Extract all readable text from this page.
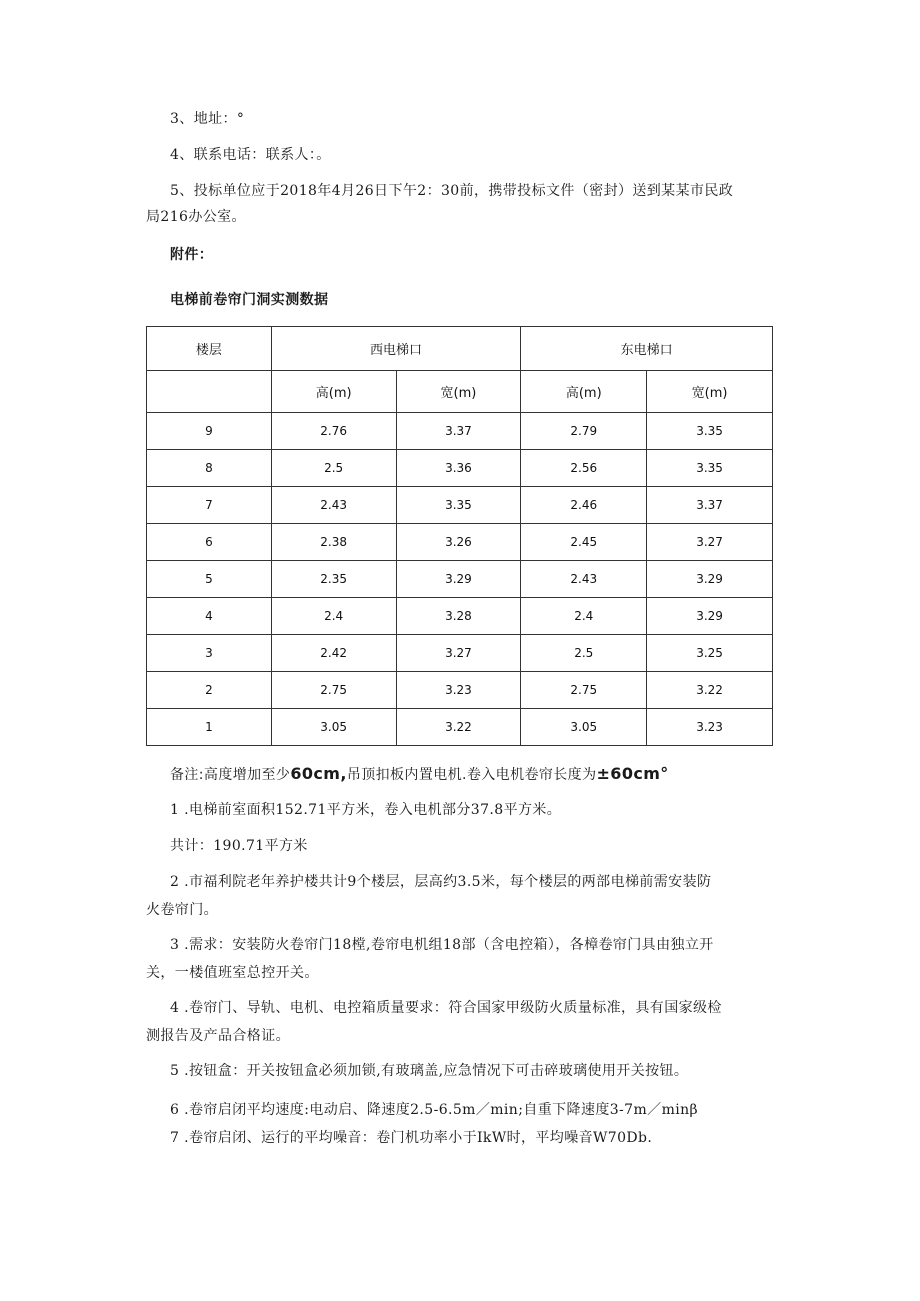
3、地址：°
4、联系电话：联系人：。
5、投标单位应于2018年4月26日下午2：30前，携带投标文件（密封）送到某某市民政
局216办公室。
附件：
电梯前卷帘门洞实测数据
楼层	西电梯口		东电梯口	
	高(m)	宽(m)	高(m)	宽(m)
9	2.76	3.37	2.79	3.35
8	2.5	3.36	2.56	3.35
7	2.43	3.35	2.46	3.37
6	2.38	3.26	2.45	3.27
5	2.35	3.29	2.43	3.29
4	2.4	3.28	2.4	3.29
3	2.42	3.27	2.5	3.25
2	2.75	3.23	2.75	3.22
1	3.05	3.22	3.05	3.23
备注:高度增加至少60cm,吊顶扣板内置电机.卷入电机卷帘长度为±60cm°
1 .电梯前室面积152.71平方米，卷入电机部分37.8平方米。
共计：190.71平方米
2 .市福利院老年养护楼共计9个楼层，层高约3.5米，每个楼层的两部电梯前需安装防
火卷帘门。
3 .需求：安装防火卷帘门18樘,卷帘电机组18部（含电控箱），各樟卷帘门具由独立开
关，一楼值班室总控开关。
4 .卷帘门、导轨、电机、电控箱质量要求：符合国家甲级防火质量标准，具有国家级检
测报告及产品合格证。
5 .按钮盒：开关按钮盒必须加锁,有玻璃盖,应急情况下可击碎玻璃使用开关按钮。
6 .卷帘启闭平均速度:电动启、降速度2.5-6.5m／min;自重下降速度3-7m／minβ
7 .卷帘启闭、运行的平均噪音：卷门机功率小于IkW时，平均噪音W70Db.
